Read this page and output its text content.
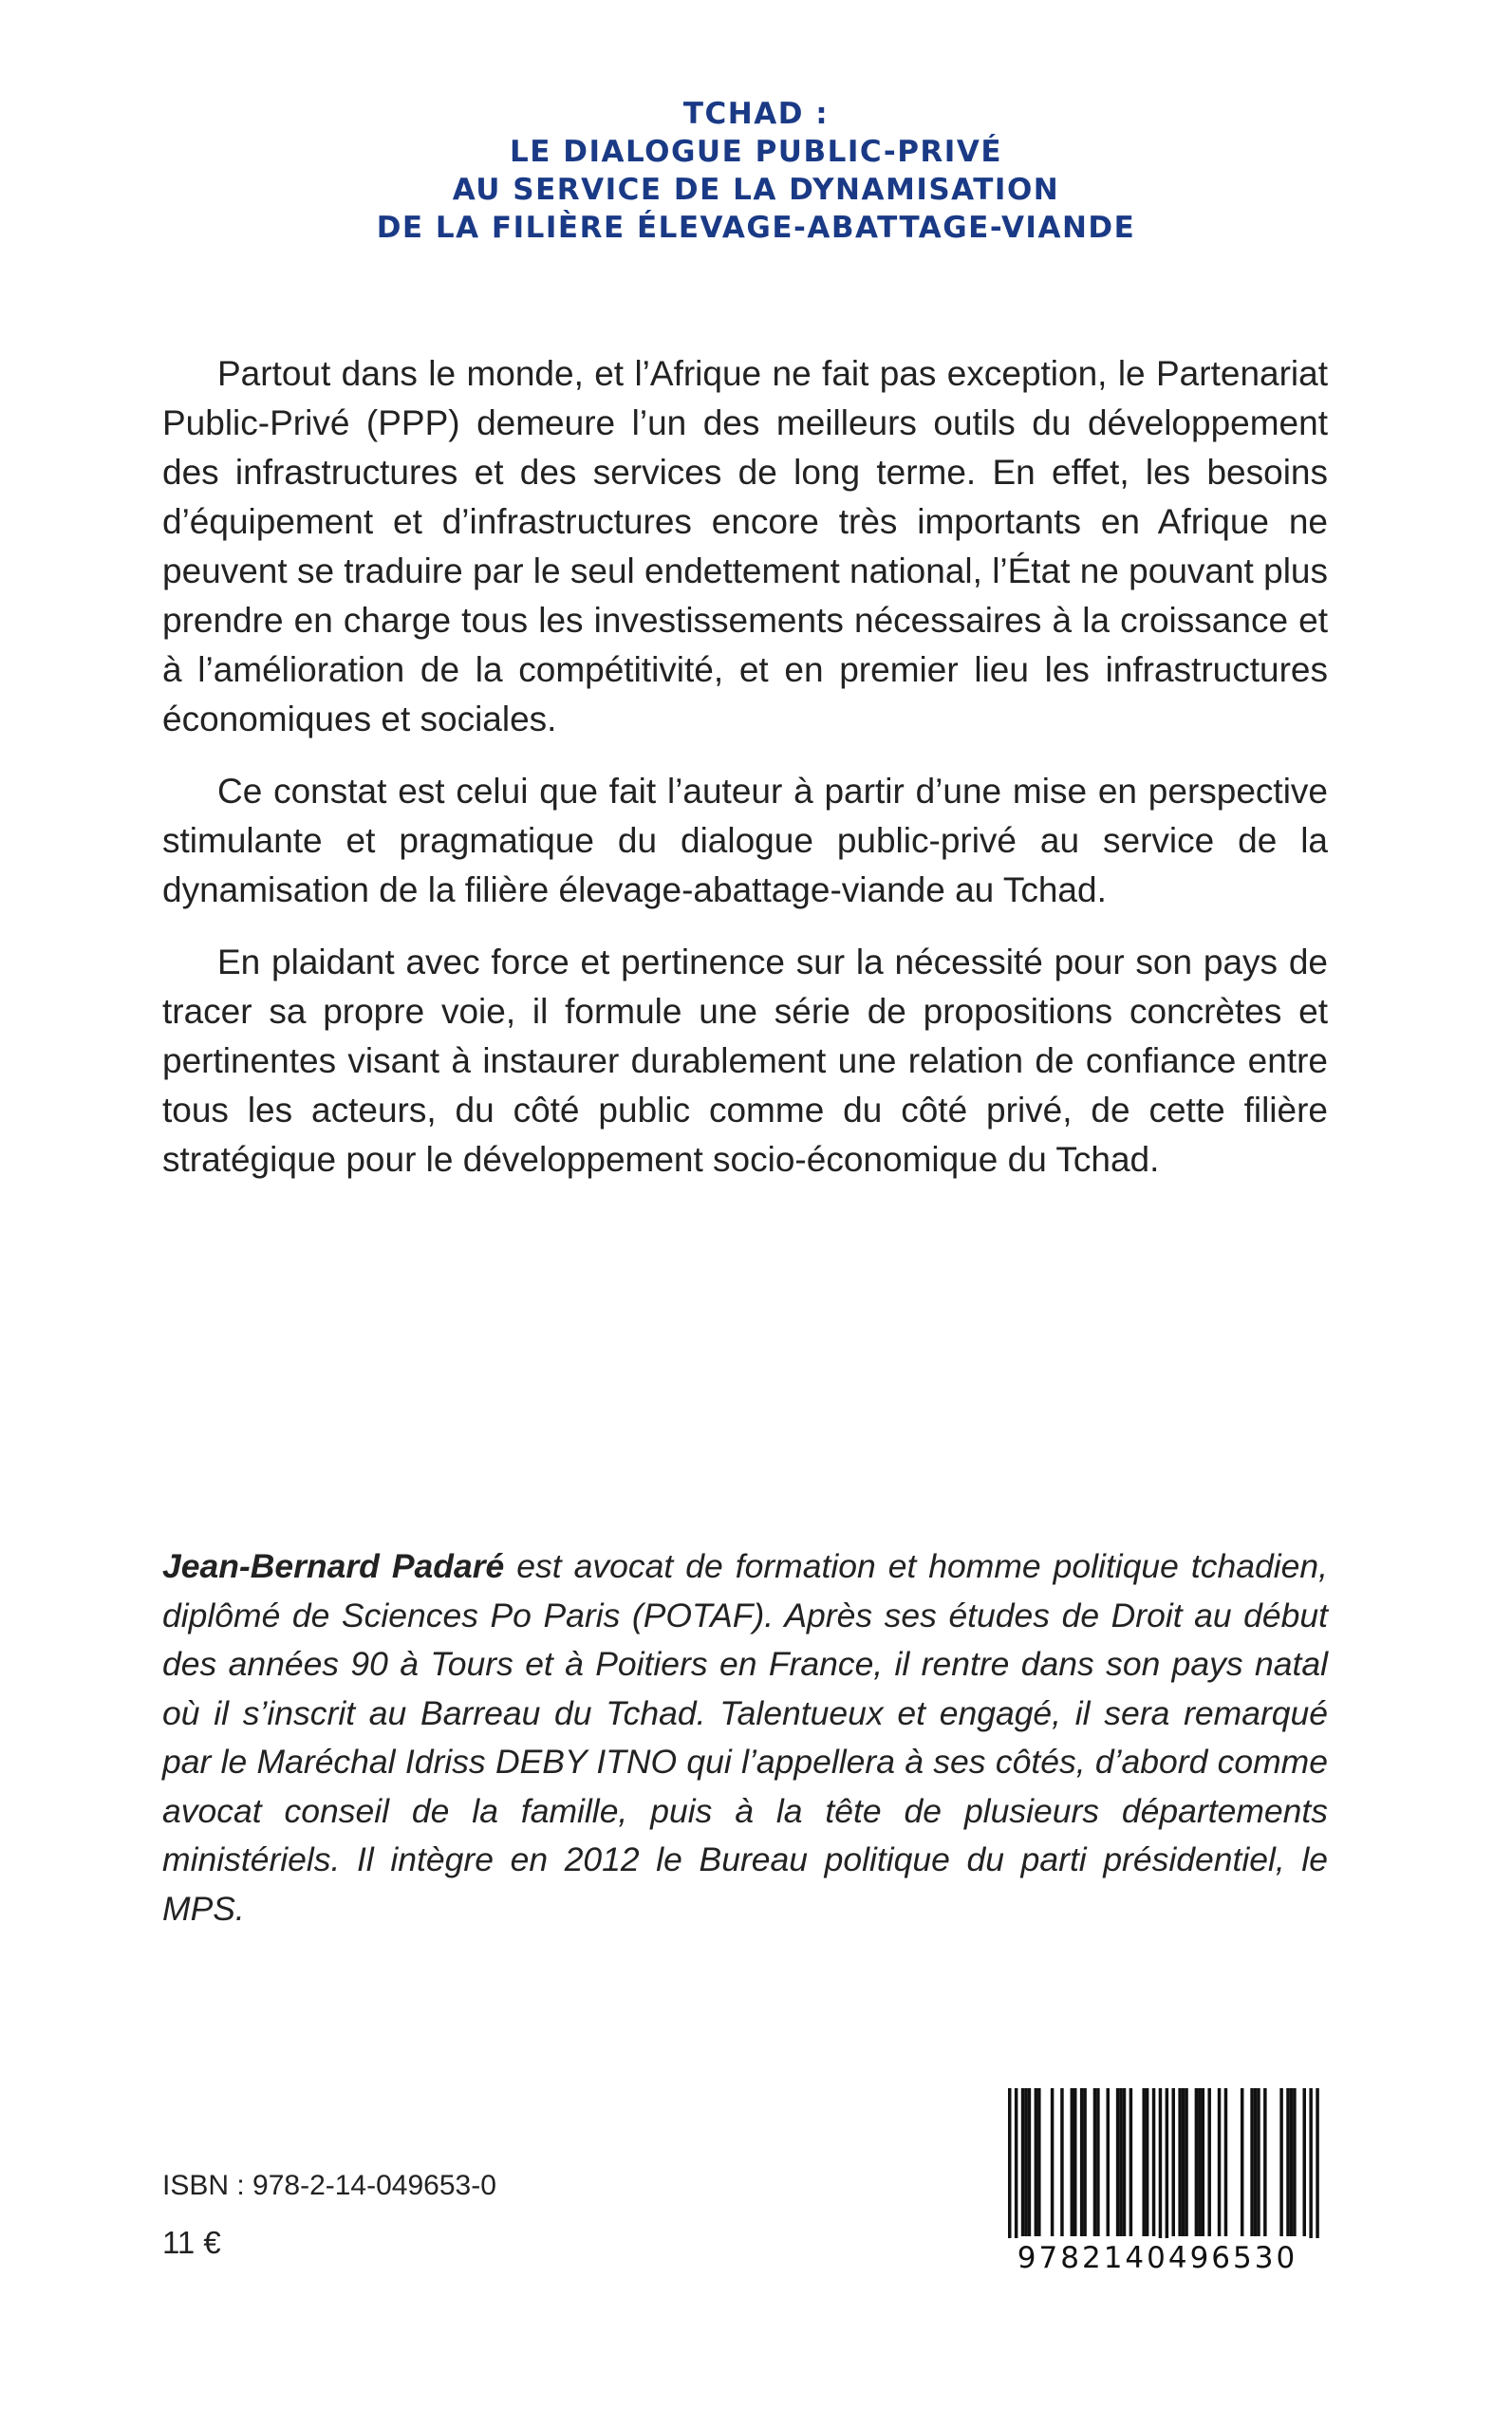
TCHAD :
LE DIALOGUE PUBLIC-PRIVÉ
AU SERVICE DE LA DYNAMISATION
DE LA FILIÈRE ÉLEVAGE-ABATTAGE-VIANDE

Partout dans le monde, et l’Afrique ne fait pas exception, le Partenariat Public-Privé (PPP) demeure l’un des meilleurs outils du développement des infrastructures et des services de long terme. En effet, les besoins d’équipement et d’infrastructures encore très importants en Afrique ne peuvent se traduire par le seul endettement national, l’État ne pouvant plus prendre en charge tous les investissements nécessaires à la croissance et à l’amélioration de la compétitivité, et en premier lieu les infrastructures économiques et sociales.

Ce constat est celui que fait l’auteur à partir d’une mise en perspective stimulante et pragmatique du dialogue public-privé au service de la dynamisation de la filière élevage-abattage-viande au Tchad.

En plaidant avec force et pertinence sur la nécessité pour son pays de tracer sa propre voie, il formule une série de propositions concrètes et pertinentes visant à instaurer durablement une relation de confiance entre tous les acteurs, du côté public comme du côté privé, de cette filière stratégique pour le développement socio-économique du Tchad.

Jean-Bernard Padaré est avocat de formation et homme politique tchadien, diplômé de Sciences Po Paris (POTAF). Après ses études de Droit au début des années 90 à Tours et à Poitiers en France, il rentre dans son pays natal où il s’inscrit au Barreau du Tchad. Talentueux et engagé, il sera remarqué par le Maréchal Idriss DEBY ITNO qui l’appellera à ses côtés, d’abord comme avocat conseil de la famille, puis à la tête de plusieurs départements ministériels. Il intègre en 2012 le Bureau politique du parti présidentiel, le MPS.

ISBN : 978-2-14-049653-0
11 €	9782140496530
